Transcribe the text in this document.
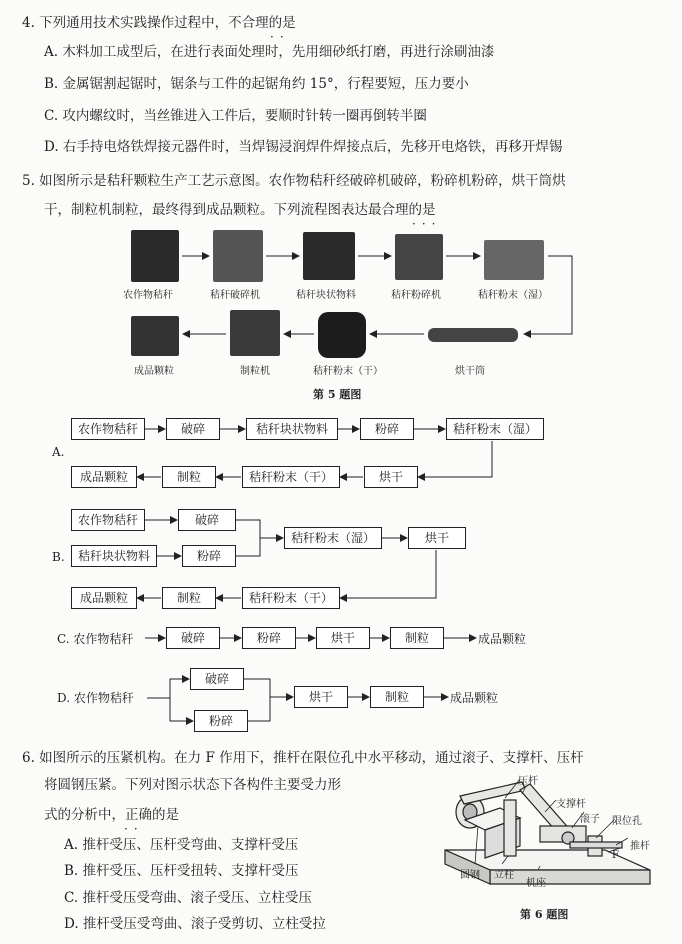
4. 下列通用技术实践操作过程中，不合理的是
··
A. 木料加工成型后，在进行表面处理时，先用细砂纸打磨，再进行涂刷油漆
B. 金属锯割起锯时，锯条与工件的起锯角约 15°，行程要短，压力要小
C. 攻内螺纹时，当丝锥进入工件后，要顺时针转一圈再倒转半圈
D. 右手持电烙铁焊接元器件时，当焊锡浸润焊件焊接点后，先移开电烙铁，再移开焊锡
5. 如图所示是秸秆颗粒生产工艺示意图。农作物秸秆经破碎机破碎，粉碎机粉碎，烘干筒烘
干，制粒机制粒，最终得到成品颗粒。下列流程图表达最合理的是
···
农作物秸秆	秸秆破碎机	秸秆块状物料	秸秆粉碎机	秸秆粉末（湿）
成品颗粒	制粒机	秸秆粉末（干）	烘干筒
第 5 题图
A.
农作物秸秆	破碎	秸秆块状物料	粉碎	秸秆粉末（湿）
成品颗粒	制粒	秸秆粉末（干）	烘干
B.
农作物秸秆	破碎
秸秆块状物料	粉碎
秸秆粉末（湿）	烘干
成品颗粒	制粒	秸秆粉末（干）
C. 农作物秸秆	破碎	粉碎	烘干	制粒	成品颗粒
D. 农作物秸秆
破碎
粉碎
烘干	制粒	成品颗粒
6. 如图所示的压紧机构。在力 F 作用下，推杆在限位孔中水平移动，通过滚子、支撑杆、压杆
将圆钢压紧。下列对图示状态下各构件主要受力形
式的分析中，正确的是
··
A. 推杆受压、压杆受弯曲、支撑杆受压
B. 推杆受压、压杆受扭转、支撑杆受压
C. 推杆受压受弯曲、滚子受压、立柱受压
D. 推杆受压受弯曲、滚子受剪切、立柱受拉
压杆
支撑杆
滚子 限位孔
推杆
F
圆钢 立柱
机座
第 6 题图
